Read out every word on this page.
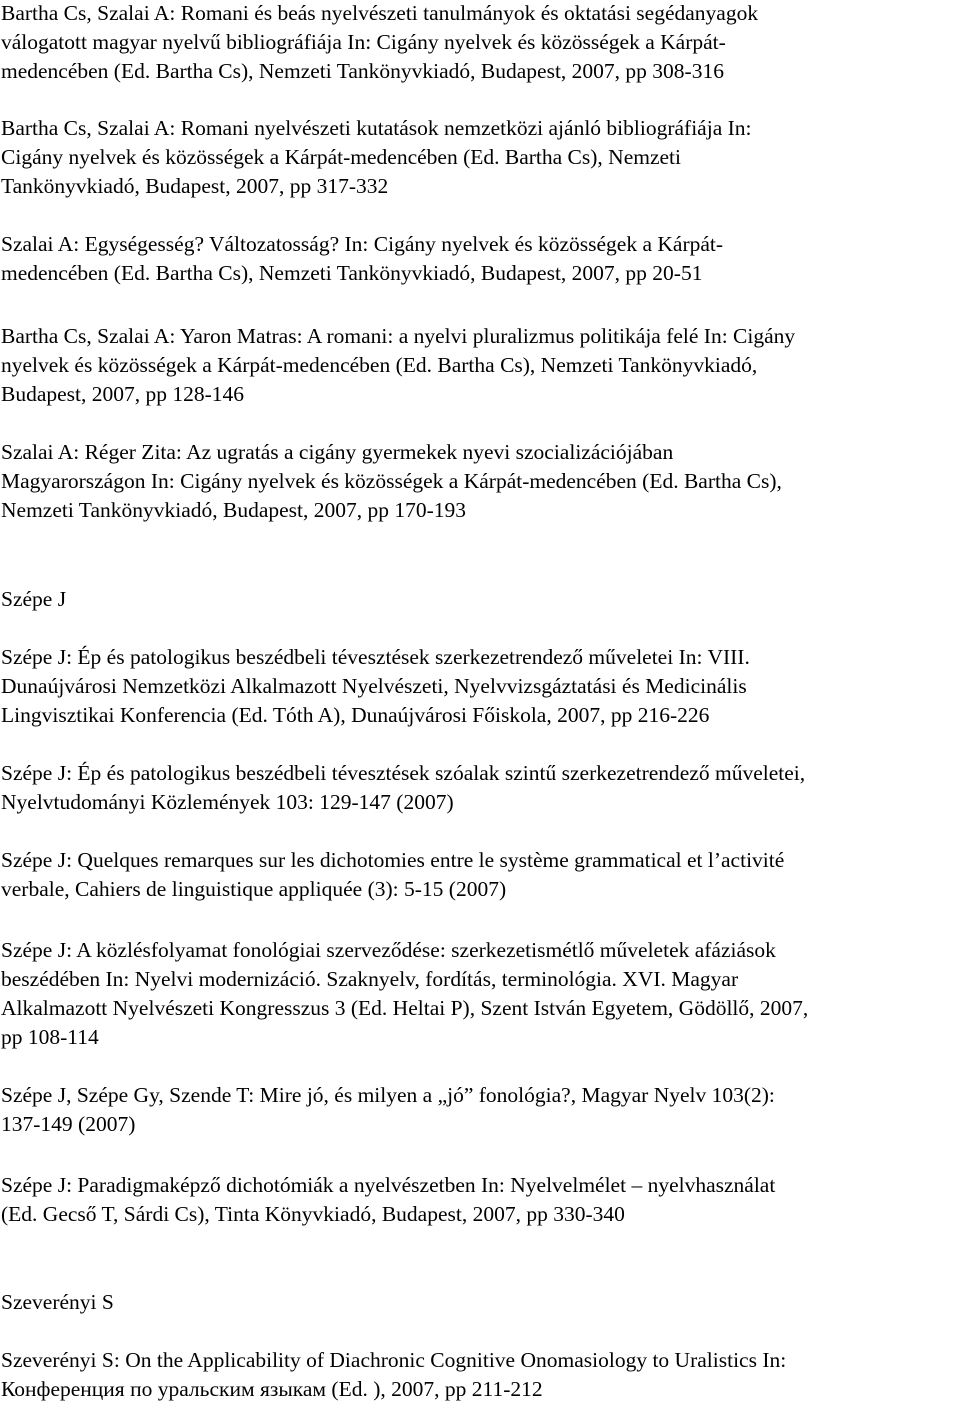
Bartha Cs, Szalai A: Romani és beás nyelvészeti tanulmányok és oktatási segédanyagok
válogatott magyar nyelvű bibliográfiája In: Cigány nyelvek és közösségek a Kárpát-
medencében (Ed. Bartha Cs), Nemzeti Tankönyvkiadó, Budapest, 2007, pp 308-316
Bartha Cs, Szalai A: Romani nyelvészeti kutatások nemzetközi ajánló bibliográfiája In:
Cigány nyelvek és közösségek a Kárpát-medencében (Ed. Bartha Cs), Nemzeti
Tankönyvkiadó, Budapest, 2007, pp 317-332
Szalai A: Egységesség? Változatosság? In: Cigány nyelvek és közösségek a Kárpát-
medencében (Ed. Bartha Cs), Nemzeti Tankönyvkiadó, Budapest, 2007, pp 20-51
Bartha Cs, Szalai A: Yaron Matras: A romani: a nyelvi pluralizmus politikája felé In: Cigány
nyelvek és közösségek a Kárpát-medencében (Ed. Bartha Cs), Nemzeti Tankönyvkiadó,
Budapest, 2007, pp 128-146
Szalai A: Réger Zita: Az ugratás a cigány gyermekek nyevi szocializációjában
Magyarországon In: Cigány nyelvek és közösségek a Kárpát-medencében (Ed. Bartha Cs),
Nemzeti Tankönyvkiadó, Budapest, 2007, pp 170-193
Szépe J
Szépe J: Ép és patologikus beszédbeli tévesztések szerkezetrendező műveletei In: VIII.
Dunaújvárosi Nemzetközi Alkalmazott Nyelvészeti, Nyelvvizsgáztatási és Medicinális
Lingvisztikai Konferencia (Ed. Tóth A), Dunaújvárosi Főiskola, 2007, pp 216-226
Szépe J: Ép és patologikus beszédbeli tévesztések szóalak szintű szerkezetrendező műveletei,
Nyelvtudományi Közlemények 103: 129-147 (2007)
Szépe J: Quelques remarques sur les dichotomies entre le système grammatical et l’activité
verbale, Cahiers de linguistique appliquée (3): 5-15 (2007)
Szépe J: A közlésfolyamat fonológiai szerveződése: szerkezetismétlő műveletek afáziások
beszédében In: Nyelvi modernizáció. Szaknyelv, fordítás, terminológia. XVI. Magyar
Alkalmazott Nyelvészeti Kongresszus 3 (Ed. Heltai P), Szent István Egyetem, Gödöllő, 2007,
pp 108-114
Szépe J, Szépe Gy, Szende T: Mire jó, és milyen a „jó” fonológia?, Magyar Nyelv 103(2):
137-149 (2007)
Szépe J: Paradigmaképző dichotómiák a nyelvészetben In: Nyelvelmélet – nyelvhasználat
(Ed. Gecső T, Sárdi Cs), Tinta Könyvkiadó, Budapest, 2007, pp 330-340
Szeverényi S
Szeverényi S: On the Applicability of Diachronic Cognitive Onomasiology to Uralistics In:
Конференция по уральским языкам (Ed. ), 2007, pp 211-212
